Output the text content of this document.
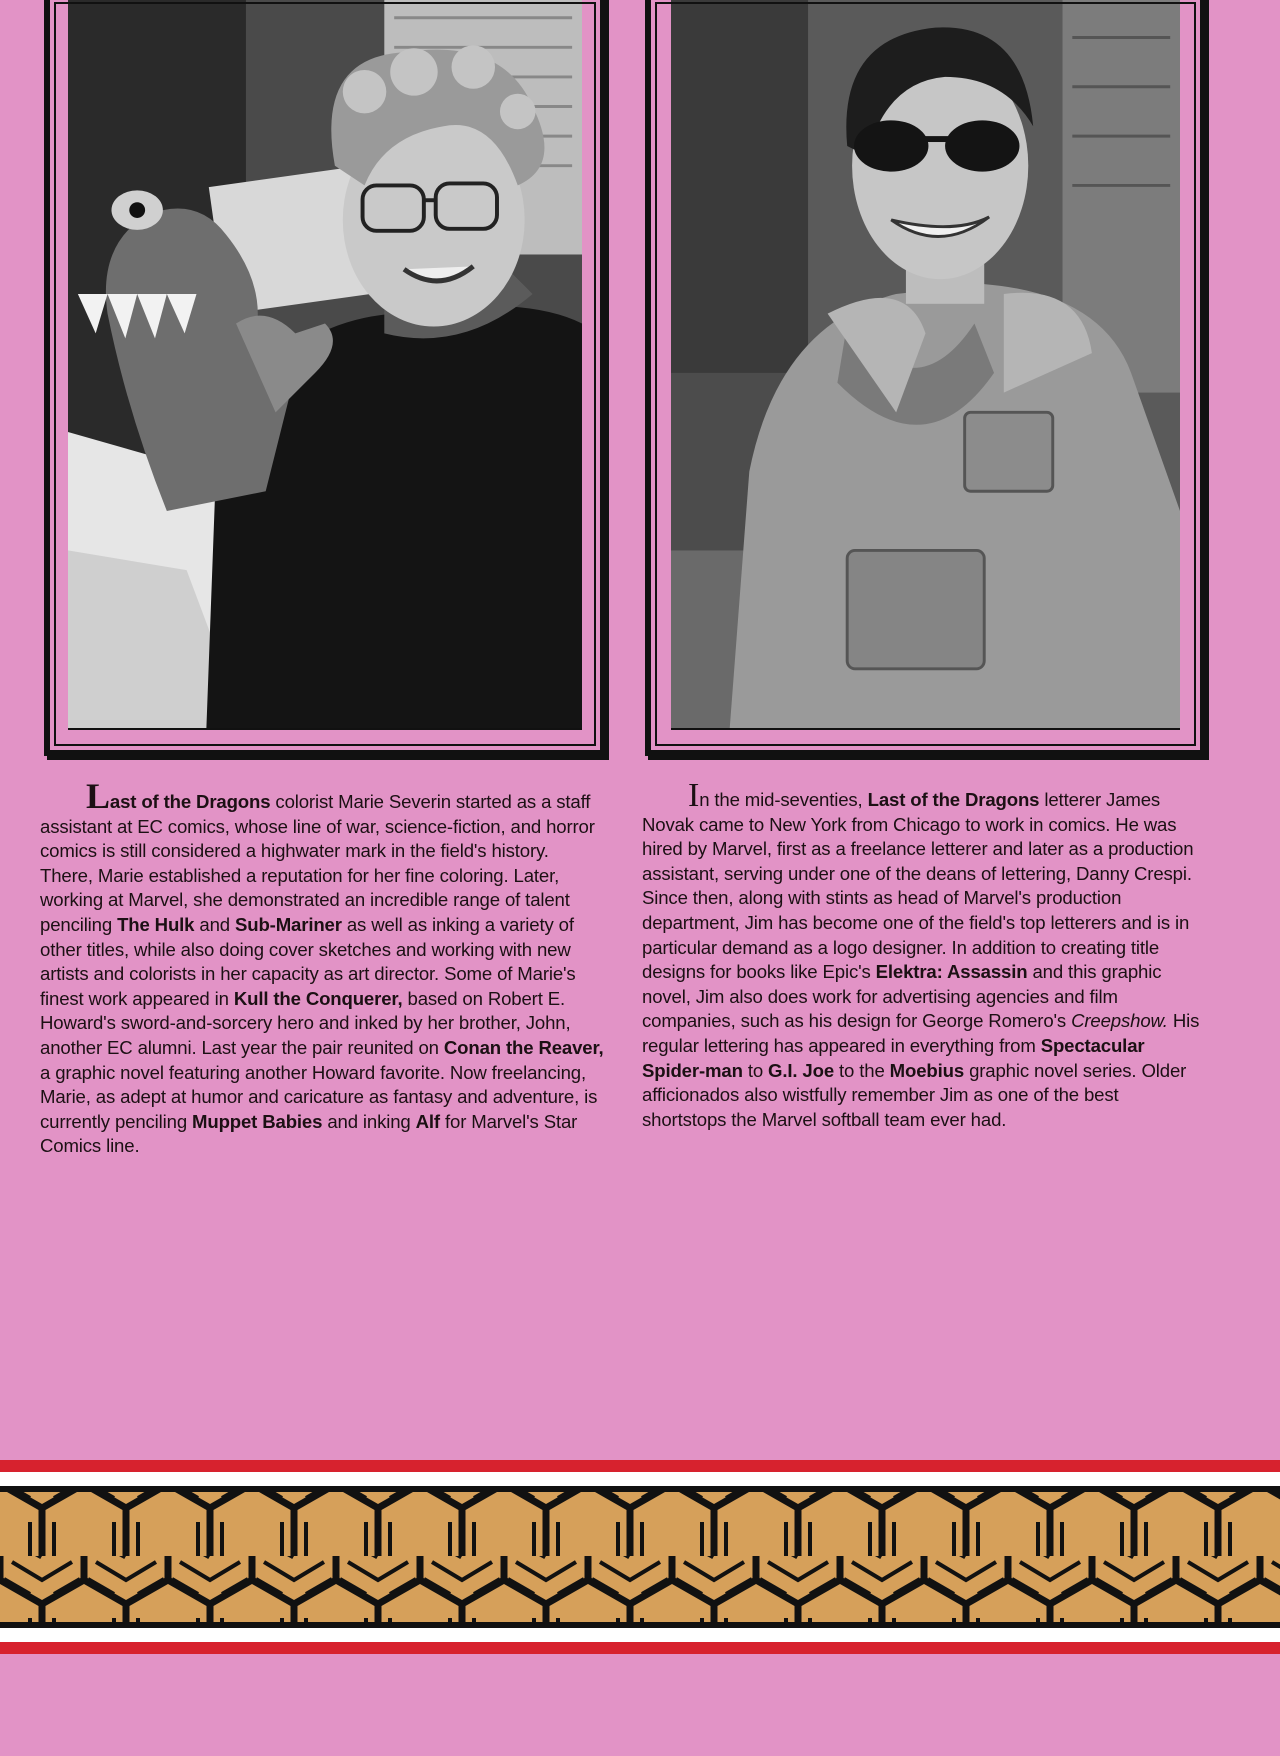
Last of the Dragons colorist Marie Severin started as a staff assistant at EC comics, whose line of war, science-fiction, and horror comics is still considered a highwater mark in the field's history. There, Marie established a reputation for her fine coloring. Later, working at Marvel, she demonstrated an incredible range of talent penciling The Hulk and Sub-Mariner as well as inking a variety of other titles, while also doing cover sketches and working with new artists and colorists in her capacity as art director. Some of Marie's finest work appeared in Kull the Conquerer, based on Robert E. Howard's sword-and-sorcery hero and inked by her brother, John, another EC alumni. Last year the pair reunited on Conan the Reaver, a graphic novel featuring another Howard favorite. Now freelancing, Marie, as adept at humor and caricature as fantasy and adventure, is currently penciling Muppet Babies and inking Alf for Marvel's Star Comics line.
In the mid-seventies, Last of the Dragons letterer James Novak came to New York from Chicago to work in comics. He was hired by Marvel, first as a freelance letterer and later as a production assistant, serving under one of the deans of lettering, Danny Crespi. Since then, along with stints as head of Marvel's production department, Jim has become one of the field's top letterers and is in particular demand as a logo designer. In addition to creating title designs for books like Epic's Elektra: Assassin and this graphic novel, Jim also does work for advertising agencies and film companies, such as his design for George Romero's Creepshow. His regular lettering has appeared in everything from Spectacular Spider-man to G.I. Joe to the Moebius graphic novel series. Older afficionados also wistfully remember Jim as one of the best shortstops the Marvel softball team ever had.
